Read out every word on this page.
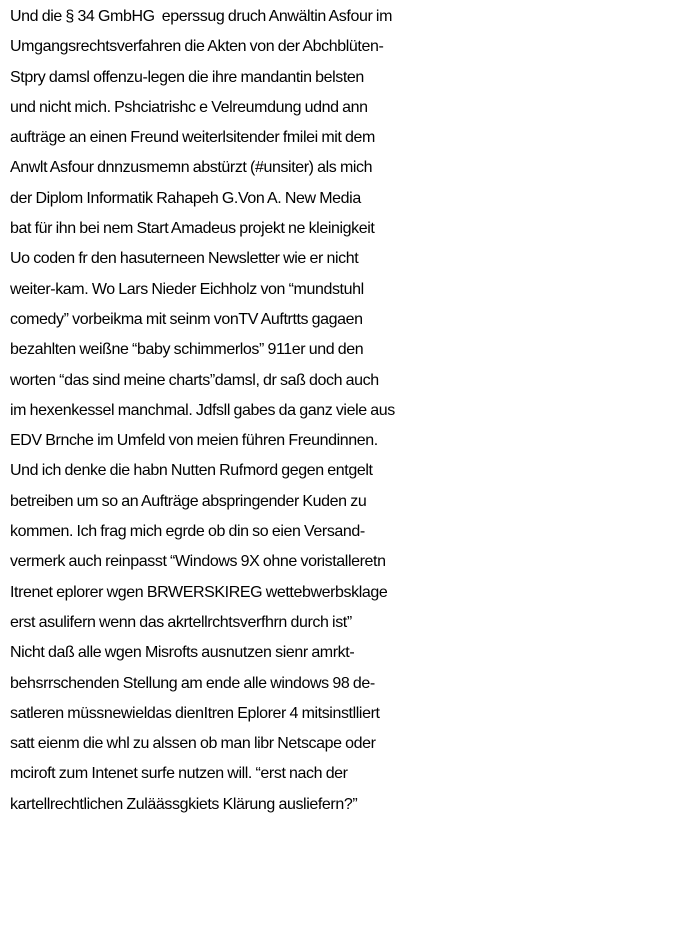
Und die § 34 GmbHG  eperssug druch Anwältin Asfour im
Umgangsrechtsverfahren die Akten von der Abchblüten-
Stpry damsl offenzu-legen die ihre mandantin belsten
und nicht mich. Pshciatrishc e Velreumdung udnd ann
aufträge an einen Freund weiterlsitender fmilei mit dem
Anwlt Asfour dnnzusmemn abstürzt (#unsiter) als mich
der Diplom Informatik Rahapeh G.Von A. New Media
bat für ihn bei nem Start Amadeus projekt ne kleinigkeit
Uo coden fr den hasuterneen Newsletter wie er nicht
weiter-kam. Wo Lars Nieder Eichholz von “mundstuhl
comedy” vorbeikma mit seinm vonTV Auftrtts gagaen
bezahlten weißne “baby schimmerlos” 911er und den
worten “das sind meine charts”damsl, dr saß doch auch
im hexenkessel manchmal. Jdfsll gabes da ganz viele aus
EDV Brnche im Umfeld von meien führen Freundinnen.
Und ich denke die habn Nutten Rufmord gegen entgelt
betreiben um so an Aufträge abspringender Kuden zu
kommen. Ich frag mich egrde ob din so eien Versand-
vermerk auch reinpasst “Windows 9X ohne voristalleretn
Itrenet eplorer wgen BRWERSKIREG wettebwerbsklage
erst asulifern wenn das akrtellrchtsverfhrn durch ist”
Nicht daß alle wgen Misrofts ausnutzen sienr amrkt-
behsrrschenden Stellung am ende alle windows 98 de-
satleren müssnewieldas dienItren Eplorer 4 mitsinstlliert
satt eienm die whl zu alssen ob man libr Netscape oder
mciroft zum Intenet surfe nutzen will. “erst nach der
kartellrechtlichen Zuläässgkiets Klärung ausliefern?”
